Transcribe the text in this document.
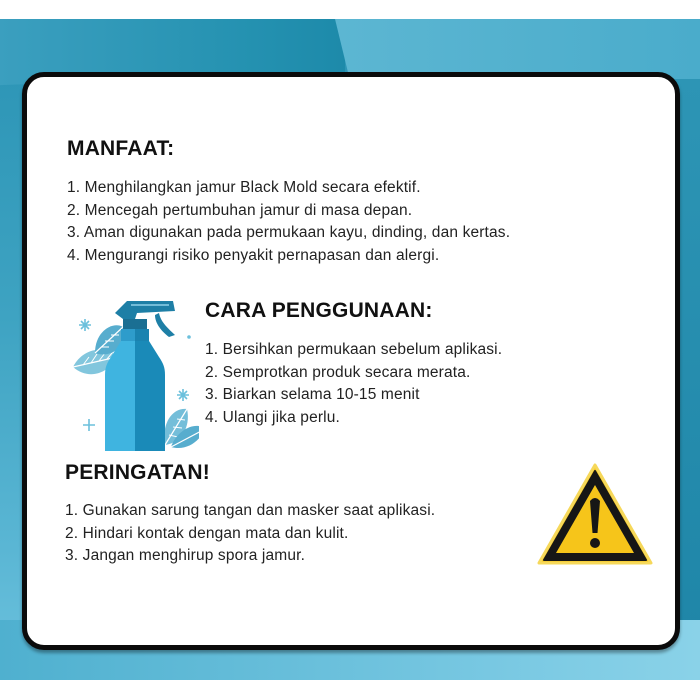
MANFAAT:
1. Menghilangkan jamur Black Mold secara efektif.
2. Mencegah pertumbuhan jamur di masa depan.
3. Aman digunakan pada permukaan kayu, dinding, dan kertas.
4. Mengurangi risiko penyakit pernapasan dan alergi.
CARA PENGGUNAAN:
1. Bersihkan permukaan sebelum aplikasi.
2. Semprotkan produk secara merata.
3. Biarkan selama 10-15 menit
4. Ulangi jika perlu.
PERINGATAN!
1. Gunakan sarung tangan dan masker saat aplikasi.
2. Hindari kontak dengan mata dan kulit.
3. Jangan menghirup spora jamur.
